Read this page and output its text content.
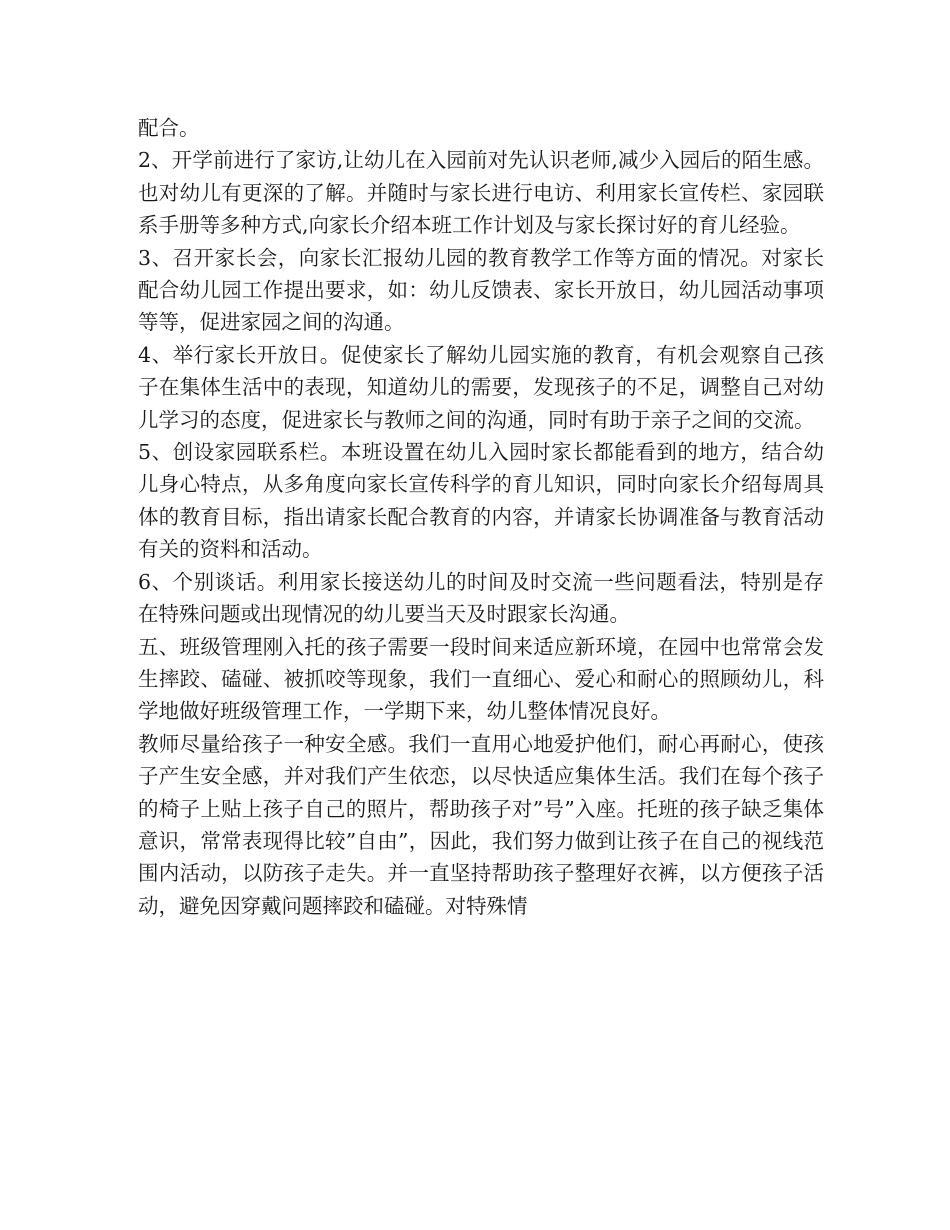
配合。

2、开学前进行了家访,让幼儿在入园前对先认识老师,减少入园后的陌生感。也对幼儿有更深的了解。并随时与家长进行电访、利用家长宣传栏、家园联系手册等多种方式,向家长介绍本班工作计划及与家长探讨好的育儿经验。

3、召开家长会，向家长汇报幼儿园的教育教学工作等方面的情况。对家长配合幼儿园工作提出要求，如：幼儿反馈表、家长开放日，幼儿园活动事项等等，促进家园之间的沟通。

4、举行家长开放日。促使家长了解幼儿园实施的教育，有机会观察自己孩子在集体生活中的表现，知道幼儿的需要，发现孩子的不足，调整自己对幼儿学习的态度，促进家长与教师之间的沟通，同时有助于亲子之间的交流。

5、创设家园联系栏。本班设置在幼儿入园时家长都能看到的地方，结合幼儿身心特点，从多角度向家长宣传科学的育儿知识，同时向家长介绍每周具体的教育目标，指出请家长配合教育的内容，并请家长协调准备与教育活动有关的资料和活动。

6、个别谈话。利用家长接送幼儿的时间及时交流一些问题看法，特别是存在特殊问题或出现情况的幼儿要当天及时跟家长沟通。

五、班级管理刚入托的孩子需要一段时间来适应新环境，在园中也常常会发生摔跤、磕碰、被抓咬等现象，我们一直细心、爱心和耐心的照顾幼儿，科学地做好班级管理工作，一学期下来，幼儿整体情况良好。

教师尽量给孩子一种安全感。我们一直用心地爱护他们，耐心再耐心，使孩子产生安全感，并对我们产生依恋，以尽快适应集体生活。我们在每个孩子的椅子上贴上孩子自己的照片，帮助孩子对”号”入座。托班的孩子缺乏集体意识，常常表现得比较”自由”，因此，我们努力做到让孩子在自己的视线范围内活动，以防孩子走失。并一直坚持帮助孩子整理好衣裤，以方便孩子活动，避免因穿戴问题摔跤和磕碰。对特殊情
